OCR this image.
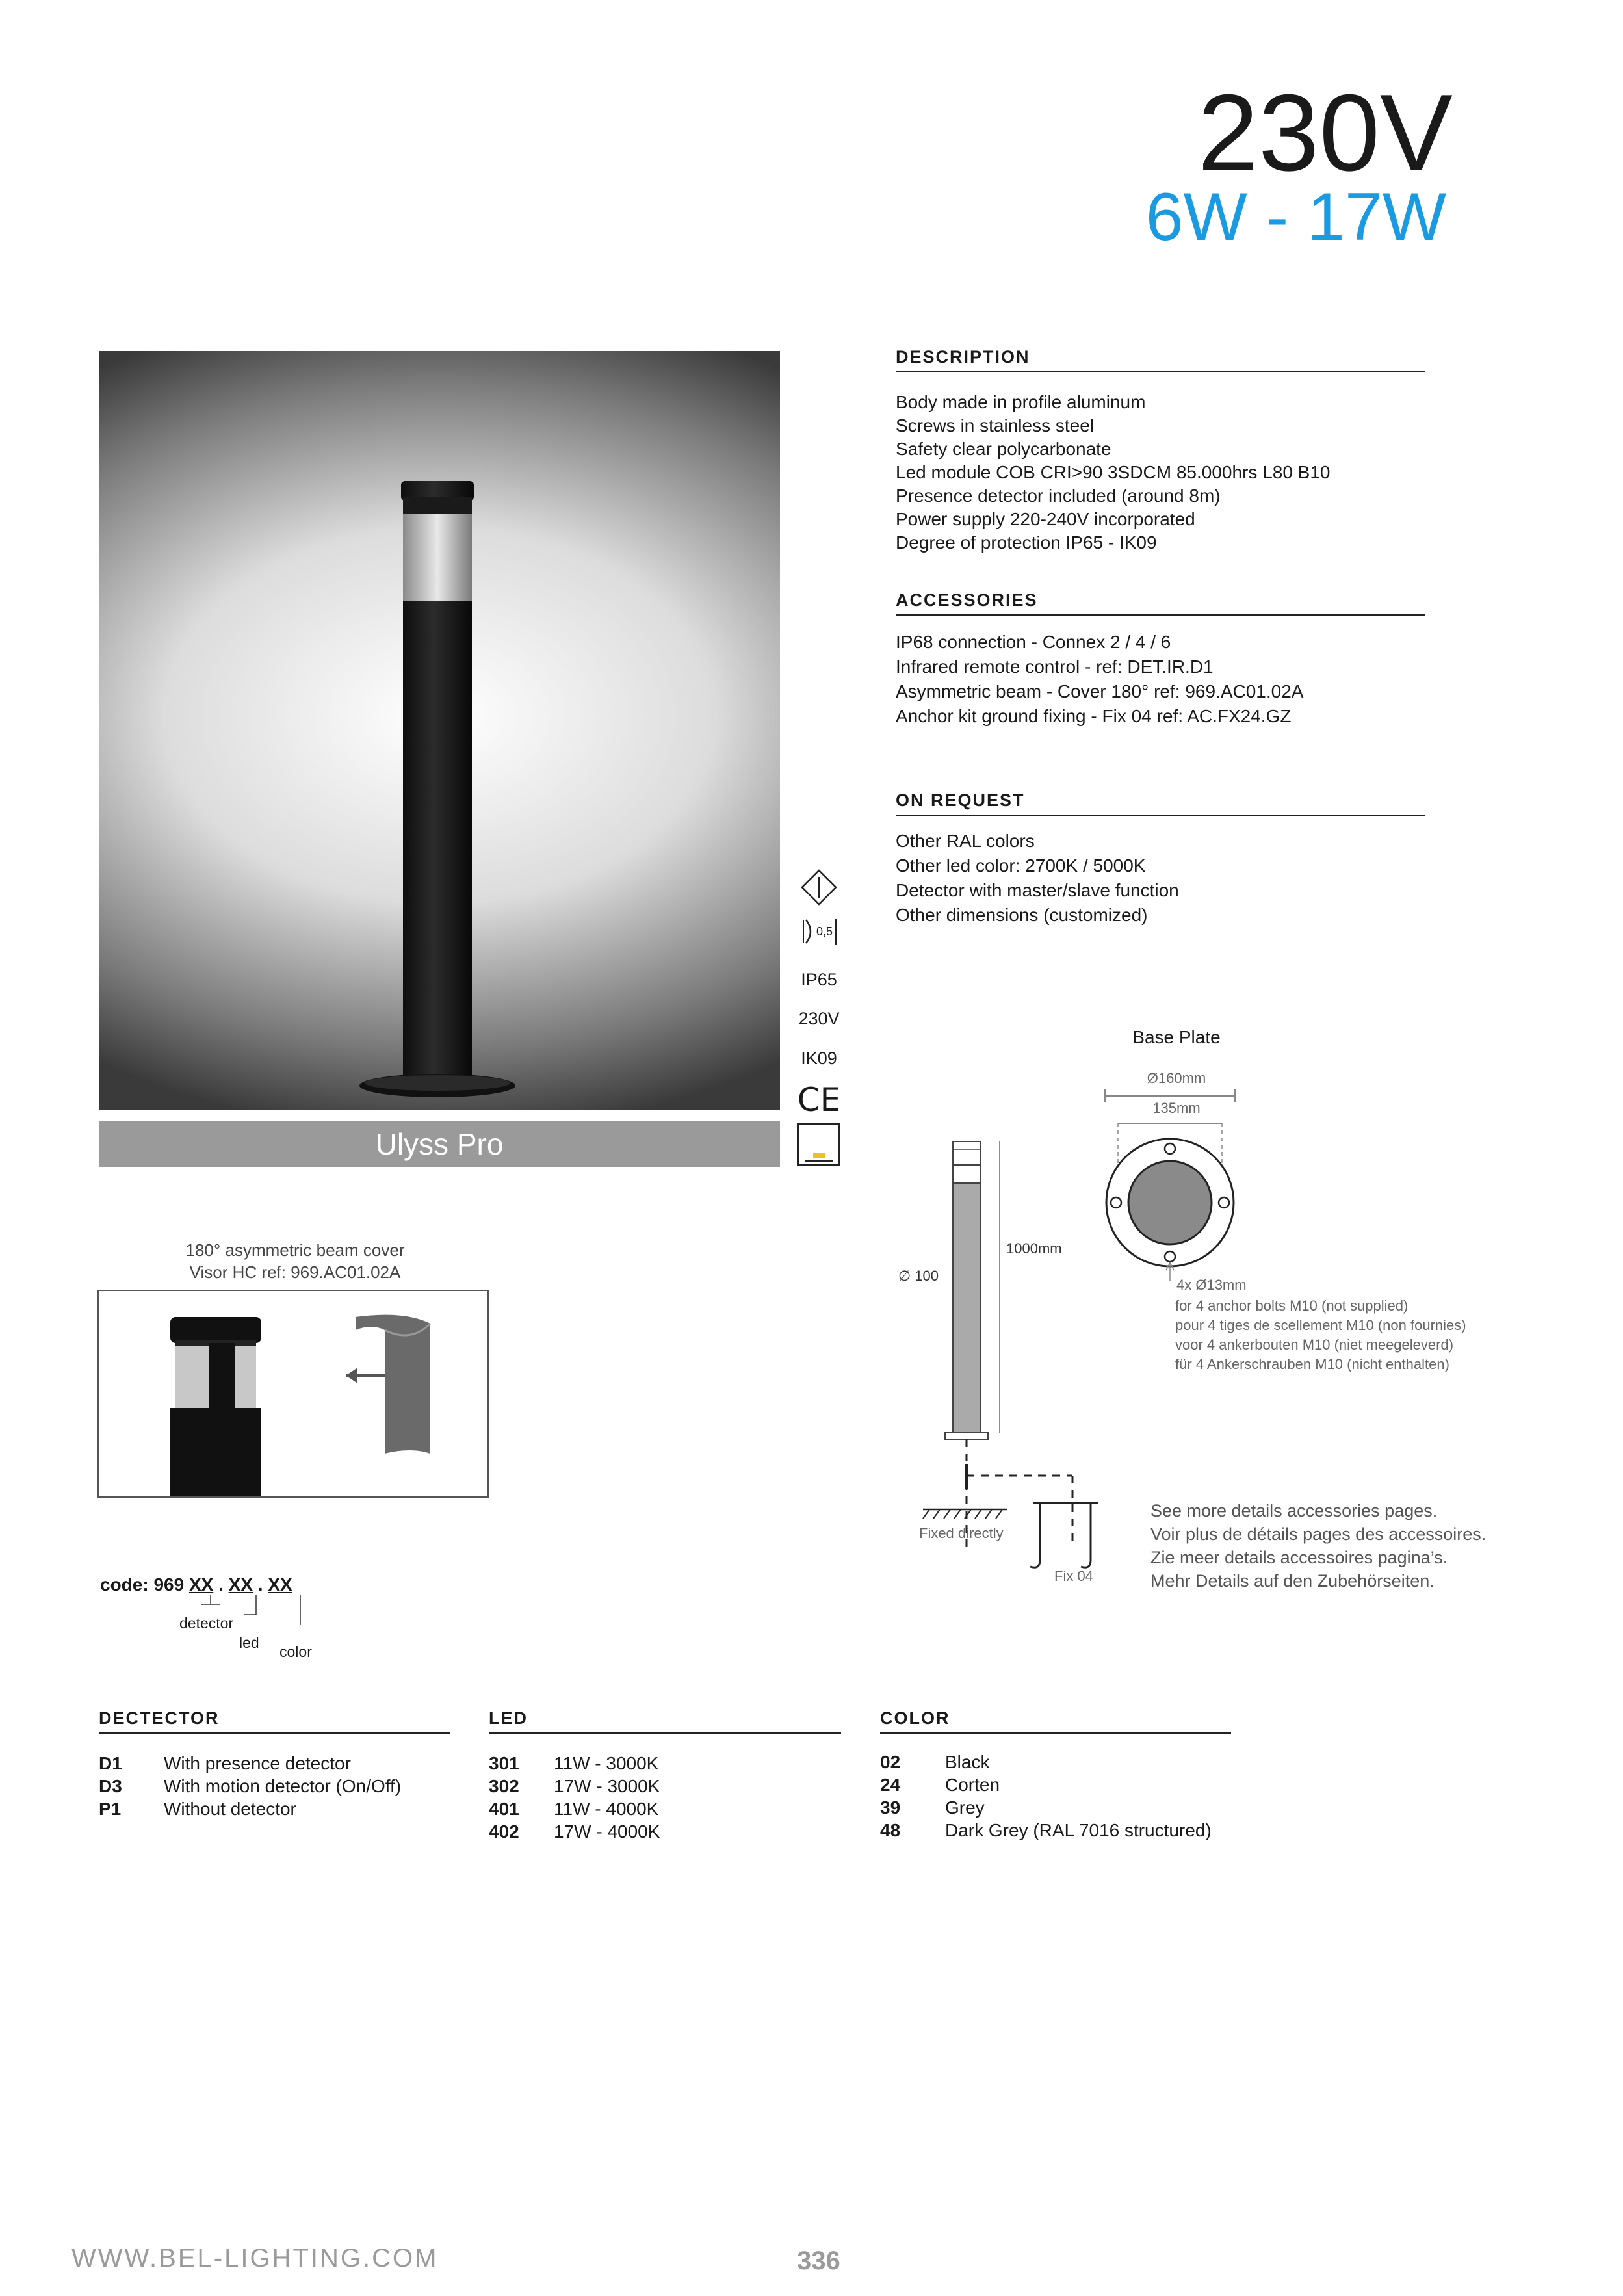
230V
6W - 17W
Ulyss Pro
0,5
IP65
230V
IK09
CE
DESCRIPTION
Body made in profile aluminum
Screws in stainless steel
Safety clear polycarbonate
Led module COB CRI>90 3SDCM 85.000hrs L80 B10
Presence detector included (around 8m)
Power supply 220-240V incorporated
Degree of protection IP65 - IK09
ACCESSORIES
IP68 connection - Connex 2 / 4 / 6
Infrared remote control - ref: DET.IR.D1
Asymmetric beam - Cover 180° ref: 969.AC01.02A
Anchor kit ground fixing - Fix 04 ref: AC.FX24.GZ
ON REQUEST
Other RAL colors
Other led color: 2700K / 5000K
Detector with master/slave function
Other dimensions (customized)
Base Plate
Ø160mm
135mm
1000mm
∅ 100
4x Ø13mm
for 4 anchor bolts M10 (not supplied)
pour 4 tiges de scellement M10 (non fournies)
voor 4 ankerbouten M10 (niet meegeleverd)
für 4 Ankerschrauben M10 (nicht enthalten)
Fixed directly
Fix 04
See more details accessories pages.
Voir plus de détails pages des accessoires.
Zie meer details accessoires pagina’s.
Mehr Details auf den Zubehörseiten.
180° asymmetric beam cover
Visor HC ref: 969.AC01.02A
code: 969 XX . XX . XX
detector
led
color
DECTECTOR
D1	With presence detector
D3	With motion detector (On/Off)
P1	Without detector
LED
301	11W - 3000K
302	17W - 3000K
401	11W - 4000K
402	17W - 4000K
COLOR
02	Black
24	Corten
39	Grey
48	Dark Grey (RAL 7016 structured)
WWW.BEL-LIGHTING.COM	336
